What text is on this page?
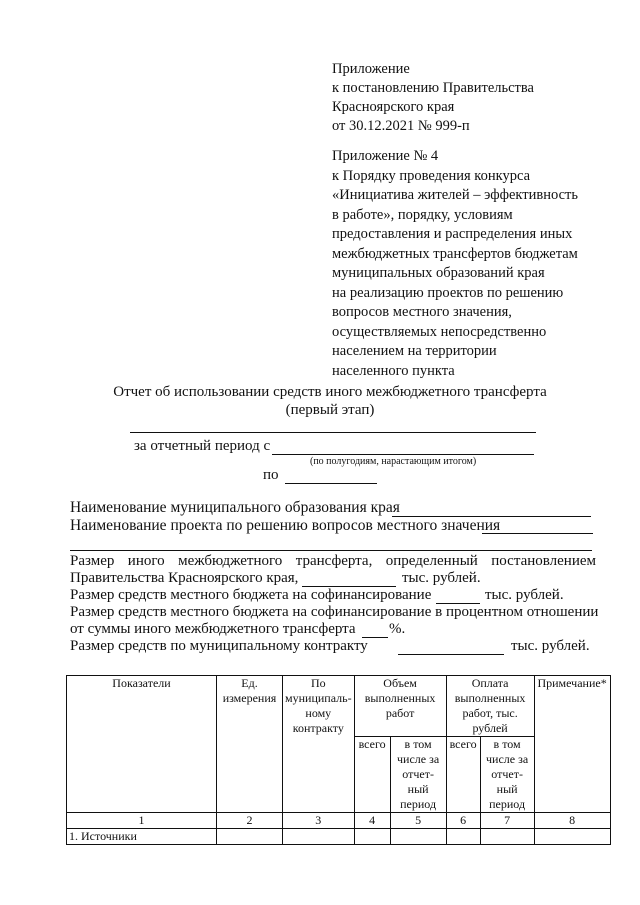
Приложение
к постановлению Правительства
Красноярского края
от 30.12.2021 № 999-п
Приложение № 4
к Порядку проведения конкурса
«Инициатива жителей – эффективность
в работе», порядку, условиям
предоставления и распределения иных
межбюджетных трансфертов бюджетам
муниципальных образований края
на реализацию проектов по решению
вопросов местного значения,
осуществляемых непосредственно
населением на территории
населенного пункта
Отчет об использовании средств иного межбюджетного трансферта
(первый этап)
за отчетный период с
(по полугодиям, нарастающим итогом)
по
Наименование муниципального образования края
Наименование проекта по решению вопросов местного значения
Размер иного межбюджетного трансферта, определенный постановлением
Правительства Красноярского края,	тыс. рублей.
Размер средств местного бюджета на софинансирование	тыс. рублей.
Размер средств местного бюджета на софинансирование в процентном отношении
от суммы иного межбюджетного трансферта %.
Размер средств по муниципальному контракту	тыс. рублей.
Показатели	Ед. измерения	По муниципаль-ному контракту	Объем выполненных работ		Оплата выполненных работ, тыс. рублей		Примечание*
			всего	в том числе за отчет-ный период	всего	в том числе за отчет-ный период	
1	2	3	4	5	6	7	8
1. Источники							
